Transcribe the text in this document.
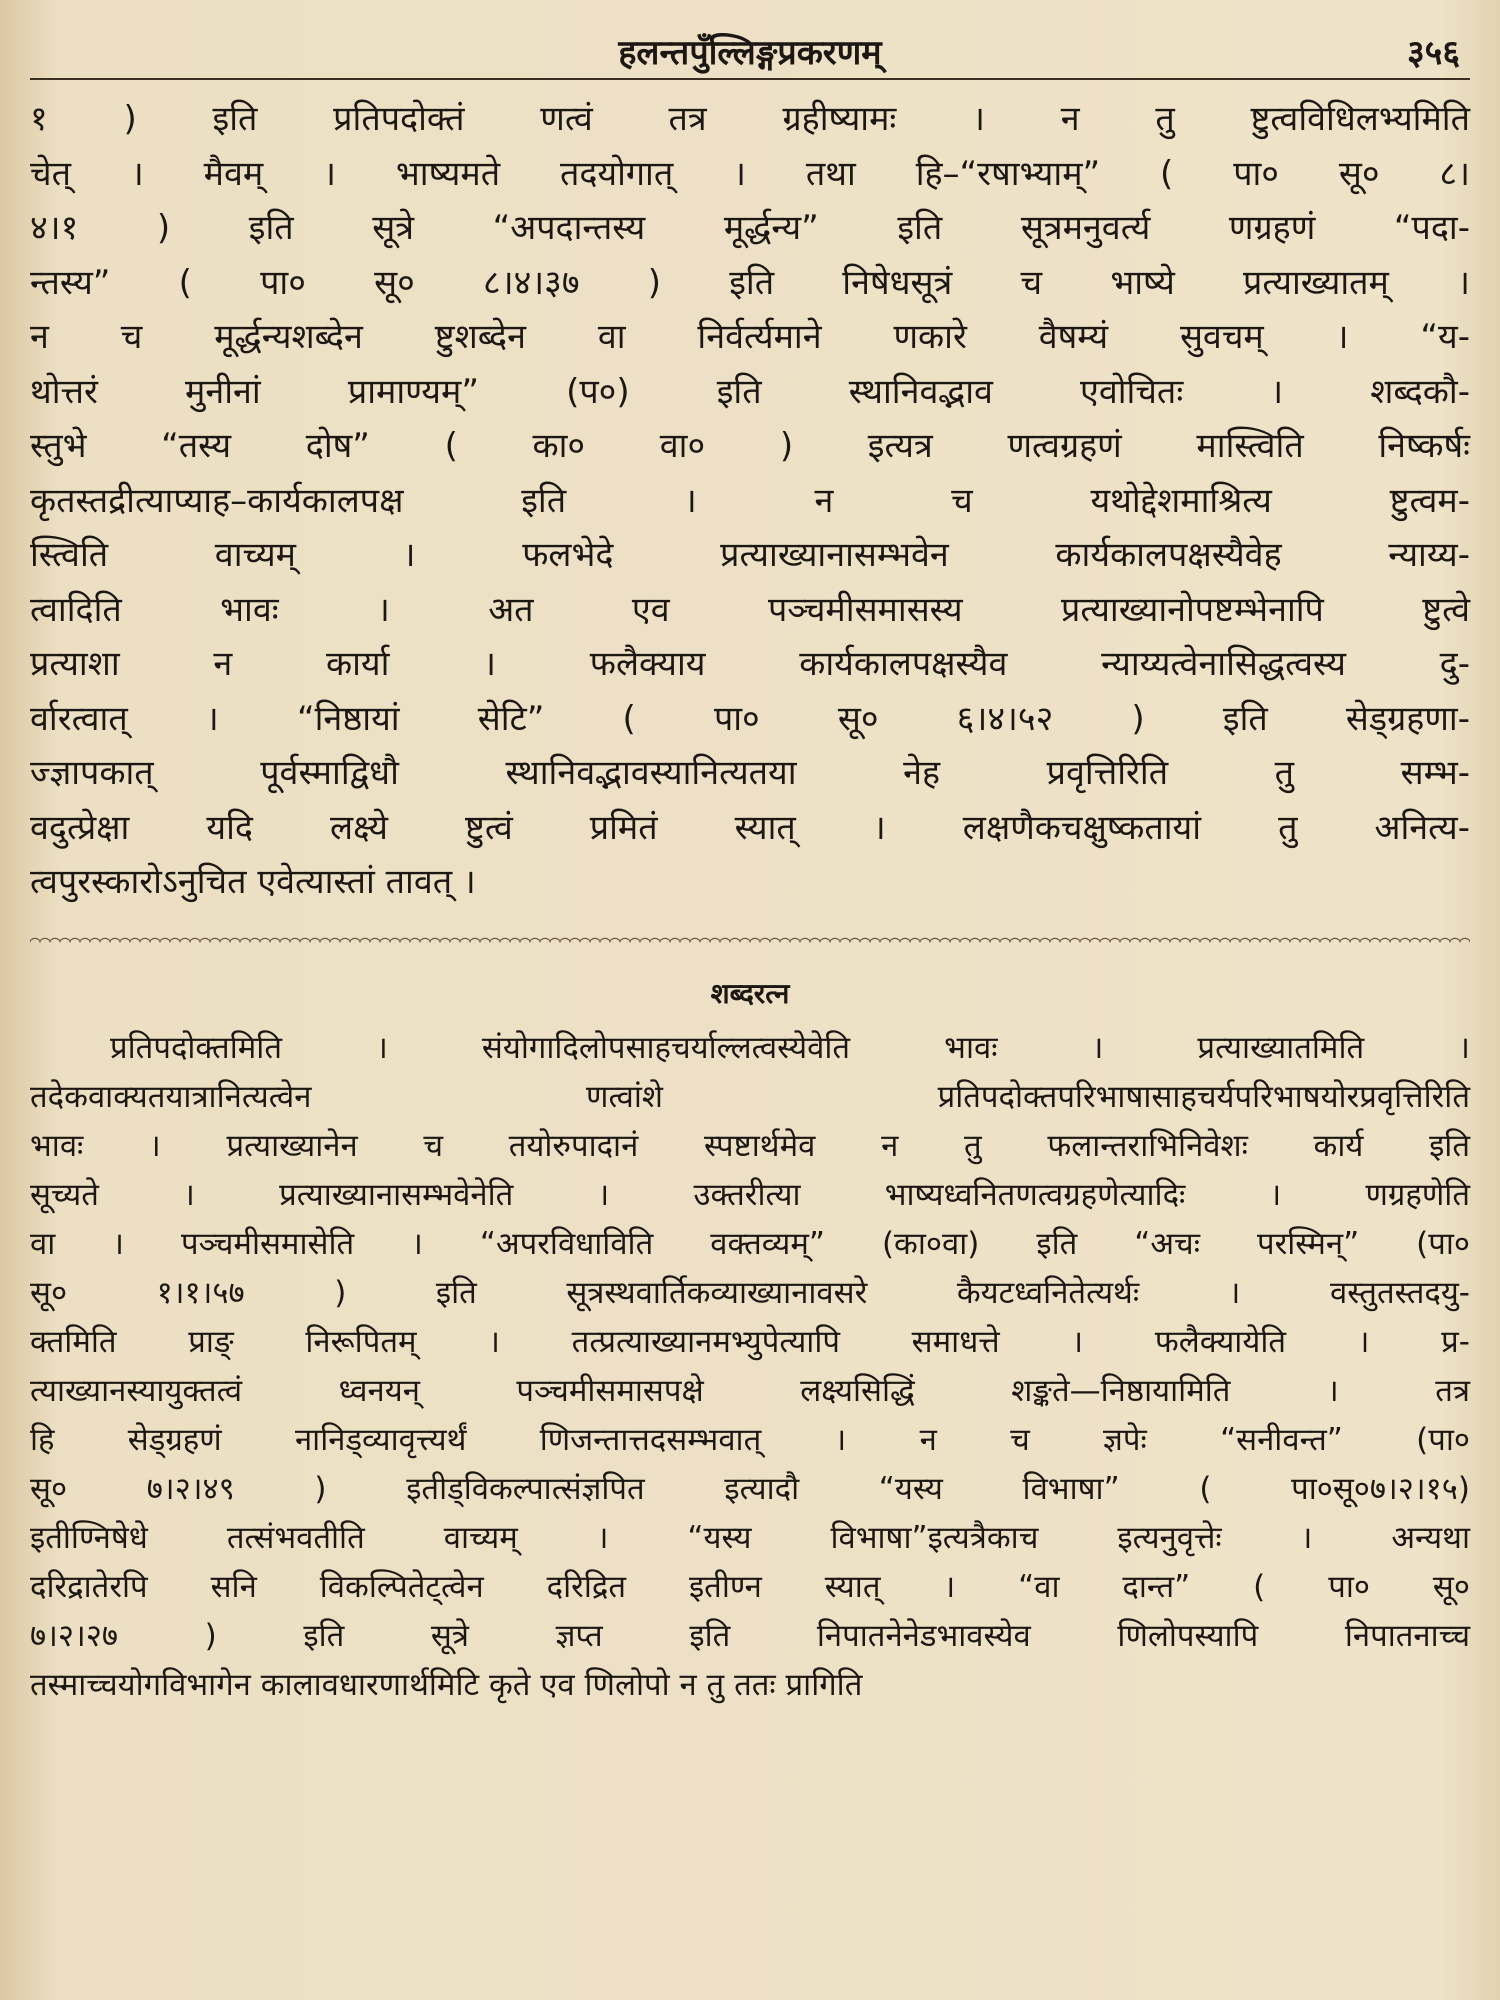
हलन्तपुँल्लिङ्गप्रकरणम्	३५६

१ ) इति प्रतिपदोक्तं णत्वं तत्र ग्रहीष्यामः । न तु ष्टुत्वविधिलभ्यमिति

चेत् । मैवम् । भाष्यमते तदयोगात् । तथा हि–“रषाभ्याम्” ( पा० सू० ८।

४।१ ) इति सूत्रे “अपदान्तस्य मूर्द्धन्य” इति सूत्रमनुवर्त्य णग्रहणं “पदा-

न्तस्य” ( पा० सू० ८।४।३७ ) इति निषेधसूत्रं च भाष्ये प्रत्याख्यातम् ।

न च मूर्द्धन्यशब्देन ष्टुशब्देन वा निर्वर्त्यमाने णकारे वैषम्यं सुवचम् । “य-

थोत्तरं मुनीनां प्रामाण्यम्” (प०) इति स्थानिवद्भाव एवोचितः । शब्दकौ-

स्तुभे “तस्य दोष” ( का० वा० ) इत्यत्र णत्वग्रहणं मास्त्विति निष्कर्षः

कृतस्तद्रीत्याप्याह–कार्यकालपक्ष इति । न च यथोद्देशमाश्रित्य ष्टुत्वम-

स्त्विति वाच्यम् । फलभेदे प्रत्याख्यानासम्भवेन कार्यकालपक्षस्यैवेह न्याय्य-

त्वादिति भावः । अत एव पञ्चमीसमासस्य प्रत्याख्यानोपष्टम्भेनापि ष्टुत्वे

प्रत्याशा न कार्या । फलैक्याय कार्यकालपक्षस्यैव न्याय्यत्वेनासिद्धत्वस्य दु-

र्वारत्वात् । “निष्ठायां सेटि” ( पा० सू० ६।४।५२ ) इति सेड्ग्रहणा-

ज्ज्ञापकात् पूर्वस्माद्विधौ स्थानिवद्भावस्यानित्यतया नेह प्रवृत्तिरिति तु सम्भ-

वदुत्प्रेक्षा यदि लक्ष्ये ष्टुत्वं प्रमितं स्यात् । लक्षणैकचक्षुष्कतायां तु अनित्य-

त्वपुरस्कारोऽनुचित एवेत्यास्तां तावत् ।

शब्दरत्न

प्रतिपदोक्तमिति । संयोगादिलोपसाहचर्याल्लत्वस्येवेति भावः । प्रत्याख्यातमिति ।

तदेकवाक्यतयात्रानित्यत्वेन णत्वांशे प्रतिपदोक्तपरिभाषासाहचर्यपरिभाषयोरप्रवृत्तिरिति

भावः । प्रत्याख्यानेन च तयोरुपादानं स्पष्टार्थमेव न तु फलान्तराभिनिवेशः कार्य इति

सूच्यते । प्रत्याख्यानासम्भवेनेति । उक्तरीत्या भाष्यध्वनितणत्वग्रहणेत्यादिः । णग्रहणेति

वा । पञ्चमीसमासेति । “अपरविधाविति वक्तव्यम्” (का०वा) इति “अचः परस्मिन्” (पा०

सू० १।१।५७ ) इति सूत्रस्थवार्तिकव्याख्यानावसरे कैयटध्वनितेत्यर्थः । वस्तुतस्तदयु-

क्तमिति प्राङ् निरूपितम् । तत्प्रत्याख्यानमभ्युपेत्यापि समाधत्ते । फलैक्यायेति । प्र-

त्याख्यानस्यायुक्तत्वं ध्वनयन् पञ्चमीसमासपक्षे लक्ष्यसिद्धिं शङ्कते—निष्ठायामिति । तत्र

हि सेड्ग्रहणं नानिड्व्यावृत्त्यर्थं णिजन्तात्तदसम्भवात् । न च ज्ञपेः “सनीवन्त” (पा०

सू० ७।२।४९ ) इतीड्विकल्पात्संज्ञपित इत्यादौ “यस्य विभाषा” ( पा०सू०७।२।१५)

इतीण्निषेधे तत्संभवतीति वाच्यम् । “यस्य विभाषा”इत्यत्रैकाच इत्यनुवृत्तेः । अन्यथा

दरिद्रातेरपि सनि विकल्पितेट्त्वेन दरिद्रित इतीण्न स्यात् । “वा दान्त” ( पा० सू०

७।२।२७ ) इति सूत्रे ज्ञप्त इति निपातनेनेडभावस्येव णिलोपस्यापि निपातनाच्च

तस्माच्चयोगविभागेन कालावधारणार्थमिटि कृते एव णिलोपो न तु ततः प्रागिति
